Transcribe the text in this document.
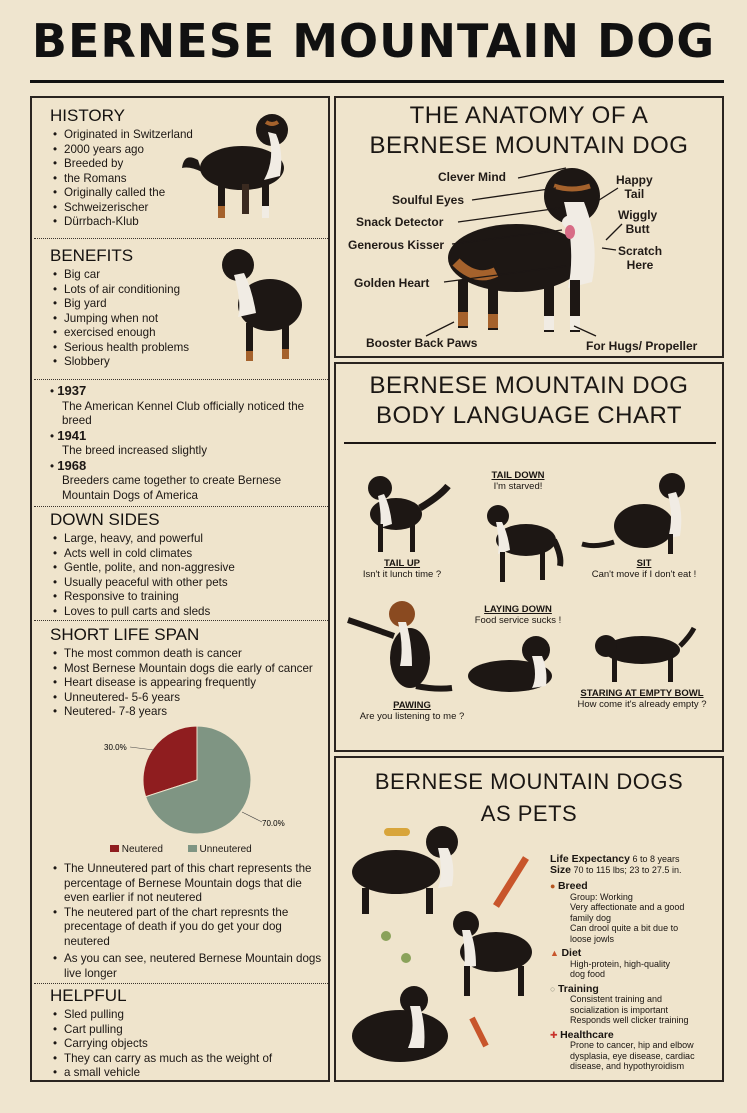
BERNESE MOUNTAIN DOG
HISTORY
• Originated in Switzerland
• 2000 years ago
• Breeded by
• the Romans
• Originally called the
• Schweizerischer
• Dürrbach-Klub
BENEFITS
• Big car
• Lots of air conditioning
• Big yard
• Jumping when not
• exercised enough
• Serious health problems
• Slobbery
• 1937
The American Kennel Club officially noticed the breed
• 1941
The breed increased slightly
• 1968
Breeders came together to create Bernese Mountain Dogs of America
DOWN SIDES
• Large, heavy, and powerful
• Acts well in cold climates
• Gentle, polite, and non-aggresive
• Usually peaceful with other pets
• Responsive to training
• Loves to pull carts and sleds
SHORT LIFE SPAN
• The most common death is cancer
• Most Bernese Mountain dogs die early of cancer
• Heart disease is appearing frequently
• Unneutered- 5-6 years
• Neutered- 7-8 years
30.0%
70.0%
Neutered	Unneutered
• The Unneutered part of this chart represents the percentage of Bernese Mountain dogs that die even earlier if not neutered
• The neutered part of the chart represnts the precentage of death if you do get your dog neutered
• As you can see, neutered Bernese Mountain dogs live longer
HELPFUL
• Sled pulling
• Cart pulling
• Carrying objects
• They can carry as much as the weight of
• a small vehicle
THE ANATOMY OF A
BERNESE MOUNTAIN DOG
Clever Mind
Soulful Eyes
Snack Detector
Generous Kisser
Golden Heart
Booster Back Paws
Happy
Tail
Wiggly
Butt
Scratch
Here
For Hugs/ Propeller
BERNESE MOUNTAIN DOG
BODY LANGUAGE CHART
TAIL DOWN
I'm starved!
TAIL UP
Isn't it lunch time ?
SIT
Can't move if I don't eat !
LAYING DOWN
Food service sucks !
PAWING
Are you listening to me ?
STARING AT EMPTY BOWL
How come it's already empty ?
BERNESE MOUNTAIN DOGS
AS PETS
Life Expectancy 6 to 8 years
Size 70 to 115 lbs; 23 to 27.5 in.
● Breed
Group: Working
Very affectionate and a good
family dog
Can drool quite a bit due to
loose jowls
▲ Diet
High-protein, high-quality
dog food
○ Training
Consistent training and
socialization is important
Responds well clicker training
✚ Healthcare
Prone to cancer, hip and elbow
dysplasia, eye disease, cardiac
disease, and hypothyroidism
